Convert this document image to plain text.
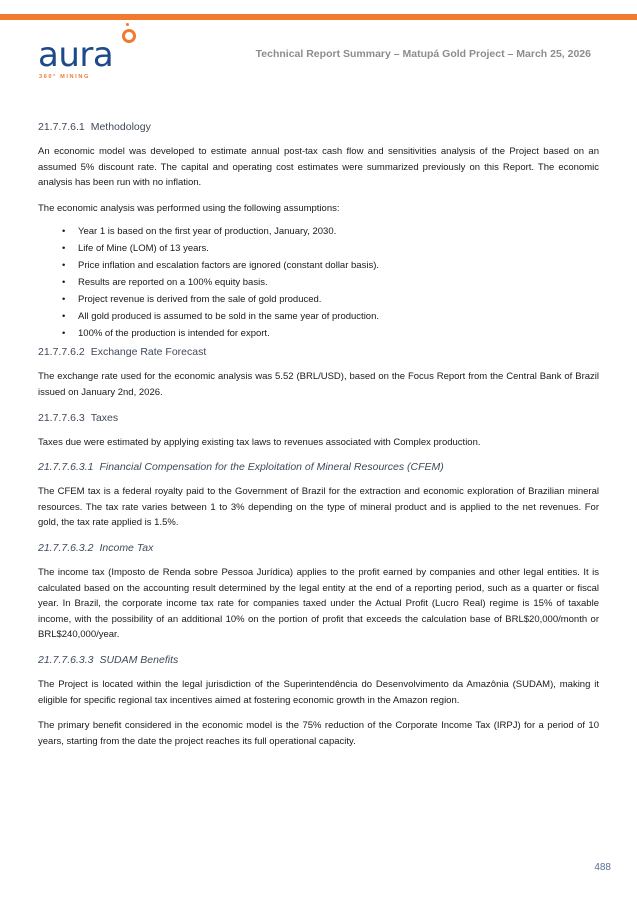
aura
360° MINING
Technical Report Summary – Matupá Gold Project – March 25, 2026
21.7.7.6.1 Methodology

An economic model was developed to estimate annual post-tax cash flow and sensitivities analysis of the Project based on an assumed 5% discount rate. The capital and operating cost estimates were summarized previously on this Report. The economic analysis has been run with no inflation.

The economic analysis was performed using the following assumptions:

• Year 1 is based on the first year of production, January, 2030.
• Life of Mine (LOM) of 13 years.
• Price inflation and escalation factors are ignored (constant dollar basis).
• Results are reported on a 100% equity basis.
• Project revenue is derived from the sale of gold produced.
• All gold produced is assumed to be sold in the same year of production.
• 100% of the production is intended for export.
21.7.7.6.2 Exchange Rate Forecast

The exchange rate used for the economic analysis was 5.52 (BRL/USD), based on the Focus Report from the Central Bank of Brazil issued on January 2nd, 2026.

21.7.7.6.3 Taxes

Taxes due were estimated by applying existing tax laws to revenues associated with Complex production.

21.7.7.6.3.1 Financial Compensation for the Exploitation of Mineral Resources (CFEM)

The CFEM tax is a federal royalty paid to the Government of Brazil for the extraction and economic exploration of Brazilian mineral resources. The tax rate varies between 1 to 3% depending on the type of mineral product and is applied to the net revenues. For gold, the tax rate applied is 1.5%.

21.7.7.6.3.2 Income Tax

The income tax (Imposto de Renda sobre Pessoa Jurídica) applies to the profit earned by companies and other legal entities. It is calculated based on the accounting result determined by the legal entity at the end of a reporting period, such as a quarter or fiscal year. In Brazil, the corporate income tax rate for companies taxed under the Actual Profit (Lucro Real) regime is 15% of taxable income, with the possibility of an additional 10% on the portion of profit that exceeds the calculation base of BRL$20,000/month or BRL$240,000/year.

21.7.7.6.3.3 SUDAM Benefits

The Project is located within the legal jurisdiction of the Superintendência do Desenvolvimento da Amazônia (SUDAM), making it eligible for specific regional tax incentives aimed at fostering economic growth in the Amazon region.

The primary benefit considered in the economic model is the 75% reduction of the Corporate Income Tax (IRPJ) for a period of 10 years, starting from the date the project reaches its full operational capacity.

488
